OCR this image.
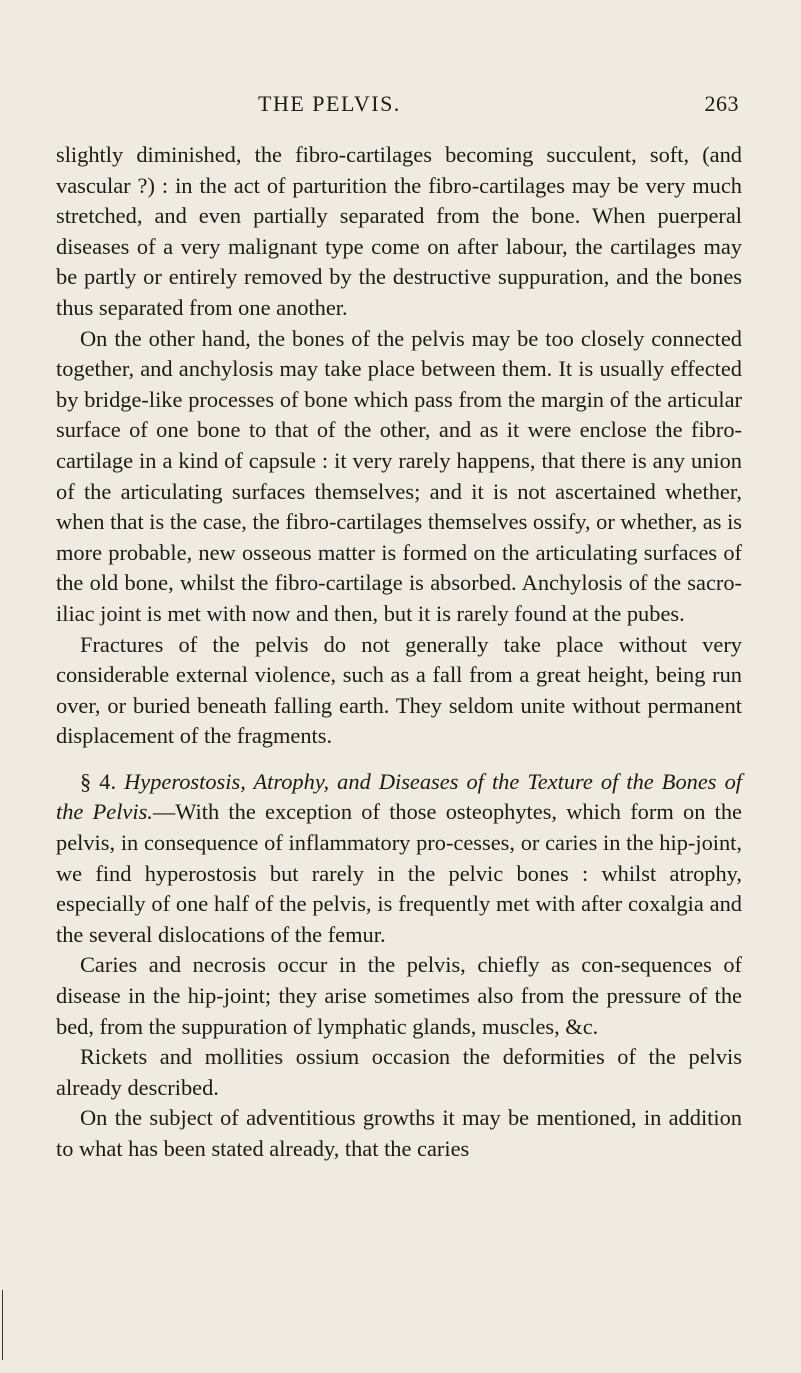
THE PELVIS.	263

slightly diminished, the fibro-cartilages becoming succulent, soft, (and vascular ?) : in the act of parturition the fibro-cartilages may be very much stretched, and even partially separated from the bone. When puerperal diseases of a very malignant type come on after labour, the cartilages may be partly or entirely removed by the destructive suppuration, and the bones thus separated from one another.

On the other hand, the bones of the pelvis may be too closely connected together, and anchylosis may take place between them. It is usually effected by bridge-like processes of bone which pass from the margin of the articular surface of one bone to that of the other, and as it were enclose the fibro-cartilage in a kind of capsule : it very rarely happens, that there is any union of the articulating surfaces themselves; and it is not ascertained whether, when that is the case, the fibro-cartilages themselves ossify, or whether, as is more probable, new osseous matter is formed on the articulating surfaces of the old bone, whilst the fibro-cartilage is absorbed. Anchylosis of the sacro-iliac joint is met with now and then, but it is rarely found at the pubes.

Fractures of the pelvis do not generally take place without very considerable external violence, such as a fall from a great height, being run over, or buried beneath falling earth. They seldom unite without permanent displacement of the fragments.

§ 4. Hyperostosis, Atrophy, and Diseases of the Texture of the Bones of the Pelvis.—With the exception of those osteophytes, which form on the pelvis, in consequence of inflammatory pro-cesses, or caries in the hip-joint, we find hyperostosis but rarely in the pelvic bones : whilst atrophy, especially of one half of the pelvis, is frequently met with after coxalgia and the several dislocations of the femur.

Caries and necrosis occur in the pelvis, chiefly as con-sequences of disease in the hip-joint; they arise sometimes also from the pressure of the bed, from the suppuration of lymphatic glands, muscles, &c.

Rickets and mollities ossium occasion the deformities of the pelvis already described.

On the subject of adventitious growths it may be mentioned, in addition to what has been stated already, that the caries
